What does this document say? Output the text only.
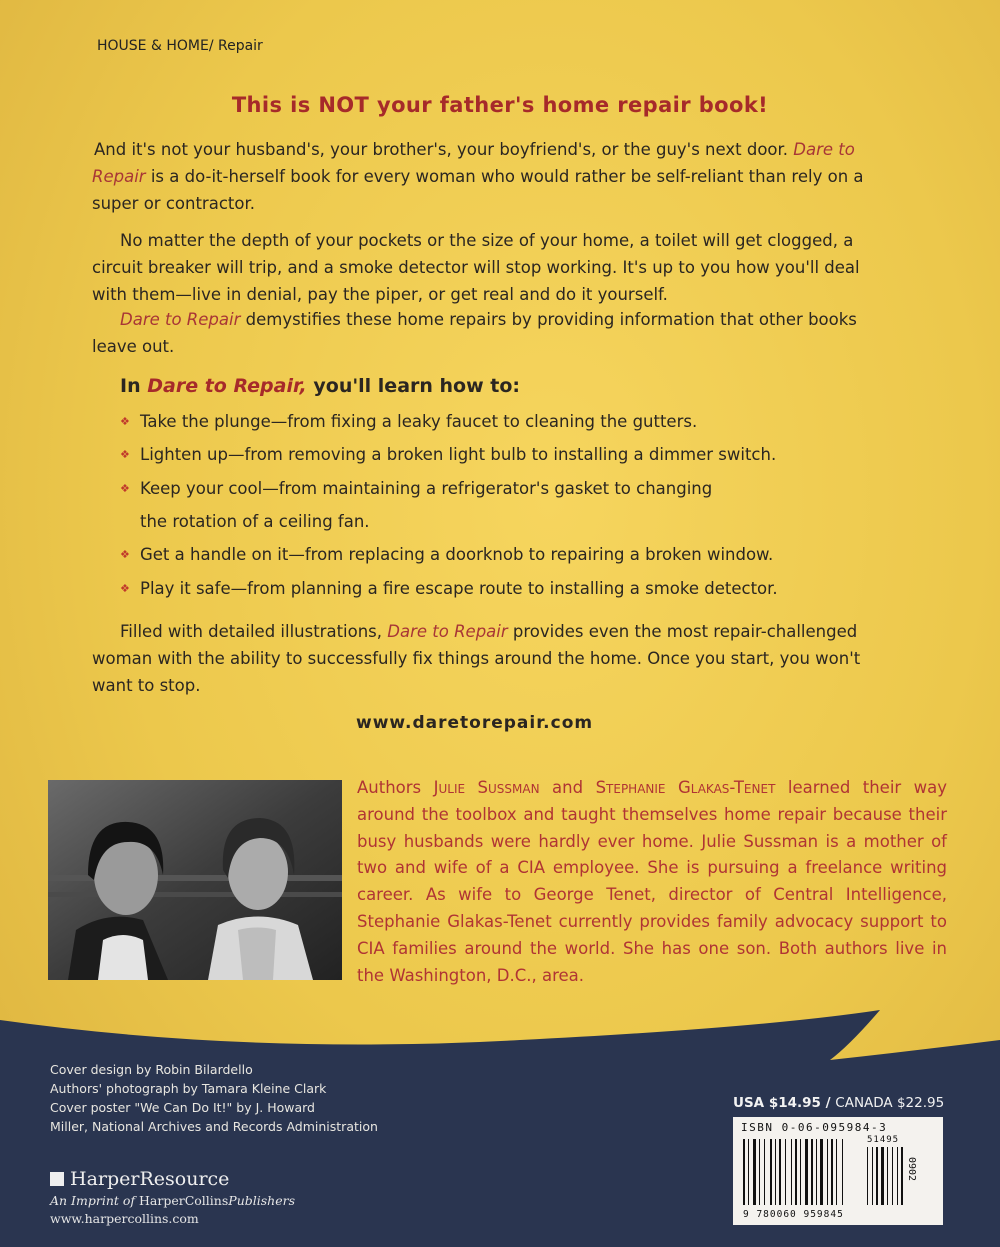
HOUSE & HOME/ Repair
This is NOT your father's home repair book!
And it's not your husband's, your brother's, your boyfriend's, or the guy's next door. Dare to Repair is a do-it-herself book for every woman who would rather be self-reliant than rely on a super or contractor.
No matter the depth of your pockets or the size of your home, a toilet will get clogged, a circuit breaker will trip, and a smoke detector will stop working. It's up to you how you'll deal with them—live in denial, pay the piper, or get real and do it yourself.
Dare to Repair demystifies these home repairs by providing information that other books leave out.
In Dare to Repair, you'll learn how to:
❖ Take the plunge—from fixing a leaky faucet to cleaning the gutters.
❖ Lighten up—from removing a broken light bulb to installing a dimmer switch.
❖ Keep your cool—from maintaining a refrigerator's gasket to changing
the rotation of a ceiling fan.
❖ Get a handle on it—from replacing a doorknob to repairing a broken window.
❖ Play it safe—from planning a fire escape route to installing a smoke detector.
Filled with detailed illustrations, Dare to Repair provides even the most repair-challenged woman with the ability to successfully fix things around the home. Once you start, you won't want to stop.
www.daretorepair.com
Authors Julie Sussman and Stephanie Glakas-Tenet learned their way around the toolbox and taught themselves home repair because their busy husbands were hardly ever home. Julie Sussman is a mother of two and wife of a CIA employee. She is pursuing a freelance writing career. As wife to George Tenet, director of Central Intelligence, Stephanie Glakas-Tenet currently provides family advocacy support to CIA families around the world. She has one son. Both authors live in the Washington, D.C., area.
Cover design by Robin Bilardello
Authors' photograph by Tamara Kleine Clark
Cover poster "We Can Do It!" by J. Howard
Miller, National Archives and Records Administration
HarperResource
An Imprint of HarperCollinsPublishers
www.harpercollins.com
USA $14.95 / CANADA $22.95
ISBN 0-06-095984-3
51495
9 780060 959845
0902
